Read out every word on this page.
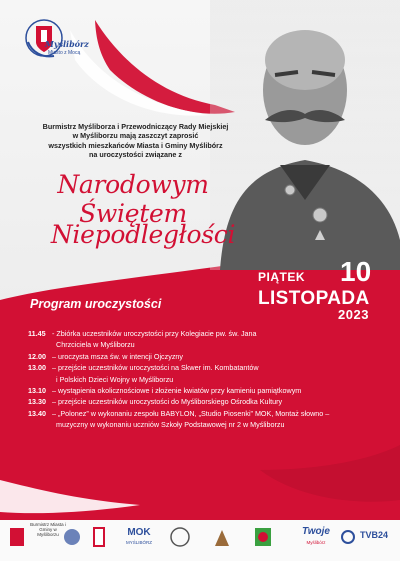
Myślibórz
Miasto z Mocą
Burmistrz Myśliborza i Przewodniczący Rady Miejskiej
w Myśliborzu mają zaszczyt zaprosić
wszystkich mieszkańców Miasta i Gminy Myślibórz
na uroczystości związane z
Narodowym Świętem
Niepodległości
PIĄTEK 10
LISTOPADA
2023
Program uroczystości
11.45 - Zbiórka uczestników uroczystości przy Kolegiacie pw. św. Jana
Chrzciciela w Myśliborzu
12.00 – uroczysta msza św. w intencji Ojczyzny
13.00 – przejście uczestników uroczystości na Skwer im. Kombatantów
i Polskich Dzieci Wojny w Myśliborzu
13.10 – wystąpienia okolicznościowe i złożenie kwiatów przy kamieniu pamiątkowym
13.30 – przejście uczestników uroczystości do Myśliborskiego Ośrodka Kultury
13.40 – „Polonez” w wykonaniu zespołu BABYLON, „Studio Piosenki” MOK, Montaż słowno –
muzyczny w wykonaniu uczniów Szkoły Podstawowej nr 2 w Myśliborzu
Burmistrz Miasta i Gminy w Myśliborzu	MOK
MYŚLIBÓRZ
Twoje
Myślibórz
TVB24
